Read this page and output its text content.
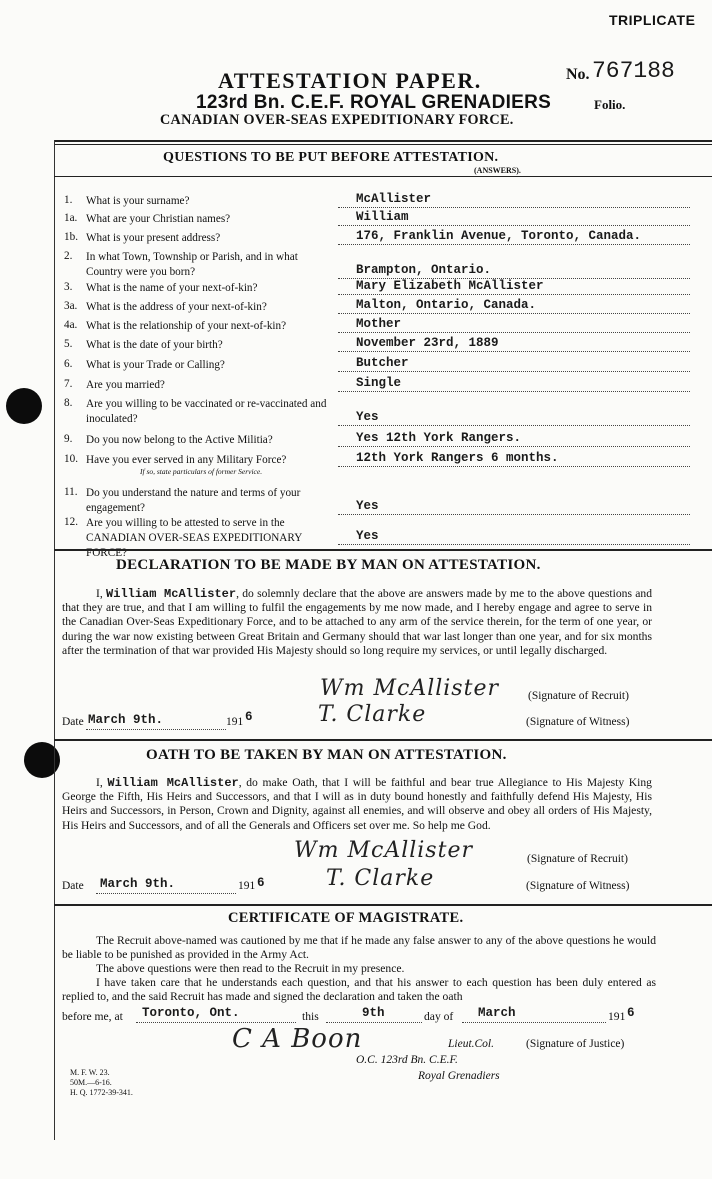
TRIPLICATE
ATTESTATION PAPER.	No. 767188
123rd Bn. C.E.F. ROYAL GRENADIERS	Folio.
CANADIAN OVER-SEAS EXPEDITIONARY FORCE.
QUESTIONS TO BE PUT BEFORE ATTESTATION.
(ANSWERS).
1. What is your surname?	McAllister
1a. What are your Christian names?	William
1b. What is your present address?	176, Franklin Avenue, Toronto, Canada.
2. In what Town, Township or Parish, and in what Country were you born?	Brampton, Ontario.
3. What is the name of your next-of-kin?	Mary Elizabeth McAllister
3a. What is the address of your next-of-kin?	Malton, Ontario, Canada.
4a. What is the relationship of your next-of-kin?	Mother
5. What is the date of your birth?	November 23rd, 1889
6. What is your Trade or Calling?	Butcher
7. Are you married?	Single
8. Are you willing to be vaccinated or re-vaccinated and inoculated?	Yes
9. Do you now belong to the Active Militia?	Yes 12th York Rangers.
10. Have you ever served in any Military Force?
If so, state particulars of former Service.
12th York Rangers 6 months.
11. Do you understand the nature and terms of your engagement?	Yes
12. Are you willing to be attested to serve in the CANADIAN OVER-SEAS EXPEDITIONARY FORCE?
Yes
DECLARATION TO BE MADE BY MAN ON ATTESTATION.
I, William McAllister, do solemnly declare that the above are answers made by me to the above questions and that they are true, and that I am willing to fulfil the engagements by me now made, and I hereby engage and agree to serve in the Canadian Over-Seas Expeditionary Force, and to be attached to any arm of the service therein, for the term of one year, or during the war now existing between Great Britain and Germany should that war last longer than one year, and for six months after the termination of that war provided His Majesty should so long require my services, or until legally discharged.
Wm McAllister	(Signature of Recruit)
Date March 9th.	191 6	T. Clarke	(Signature of Witness)
OATH TO BE TAKEN BY MAN ON ATTESTATION.
I, William McAllister, do make Oath, that I will be faithful and bear true Allegiance to His Majesty King George the Fifth, His Heirs and Successors, and that I will as in duty bound honestly and faithfully defend His Majesty, His Heirs and Successors, in Person, Crown and Dignity, against all enemies, and will observe and obey all orders of His Majesty, His Heirs and Successors, and of all the Generals and Officers set over me. So help me God.
Wm McAllister	(Signature of Recruit)
Date March 9th.	191 6	T. Clarke	(Signature of Witness)
CERTIFICATE OF MAGISTRATE.
The Recruit above-named was cautioned by me that if he made any false answer to any of the above questions he would be liable to be punished as provided in the Army Act.
The above questions were then read to the Recruit in my presence.
I have taken care that he understands each question, and that his answer to each question has been duly entered as replied to, and the said Recruit has made and signed the declaration and taken the oath
before me, at Toronto, Ont.	this	9th	day of March	191 6
C A Boon	Lieut.Col.	(Signature of Justice)
O.C. 123rd Bn. C.E.F.
Royal Grenadiers
M. F. W. 23.
50M.—6-16.
H. Q. 1772-39-341.
